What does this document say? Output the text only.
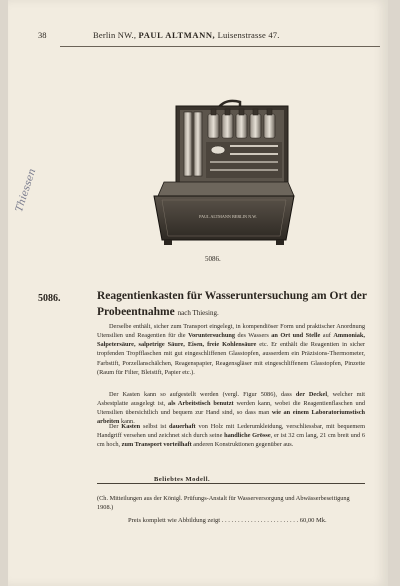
38	Berlin NW., PAUL ALTMANN, Luisenstrasse 47.
PAUL ALTMANN BERLIN N.W.
5086.
Thiessen
5086.	Reagentienkasten für Wasseruntersuchung am Ort der Probeentnahme nach Thiesing.

Derselbe enthält, sicher zum Transport eingelegt, in kompendiöser Form und praktischer Anordnung Utensilien und Reagentien für die Voruntersuchung des Wassers an Ort und Stelle auf Ammoniak, Salpetersäure, salpetrige Säure, Eisen, freie Kohlensäure etc. Er enthält die Reagentien in sicher tropfenden Tropfflaschen mit gut eingeschliffenen Glasstopfen, ausserdem ein Präzisions-Thermometer, Farbstift, Porzellanschälchen, Reagenspapier, Reagensgläser mit eingeschliffenem Glasstopfen, Pinzette (Raum für Filter, Bleistift, Papier etc.).

Der Kasten kann so aufgestellt werden (vergl. Figur 5086), dass der Deckel, welcher mit Asbestplatte ausgelegt ist, als Arbeitstisch benutzt werden kann, wobei die Reagentienflaschen und Utensilien übersichtlich und bequem zur Hand sind, so dass man wie an einem Laboratoriumstisch arbeiten kann.

Der Kasten selbst ist dauerhaft von Holz mit Lederumkleidung, verschliessbar, mit bequemem Handgriff versehen und zeichnet sich durch seine handliche Grösse, er ist 32 cm lang, 21 cm breit und 6 cm hoch, zum Transport vorteilhaft anderen Konstruktionen gegenüber aus.

Beliebtes Modell.
(Ch. Mitteilungen aus der Königl. Prüfungs-Anstalt für Wasserversorgung und Abwässerbeseitigung 1908.)
Preis komplett wie Abbildung zeigt . . . . . . . . . . . . . . . . . . . . . . . . 60,00 Mk.
